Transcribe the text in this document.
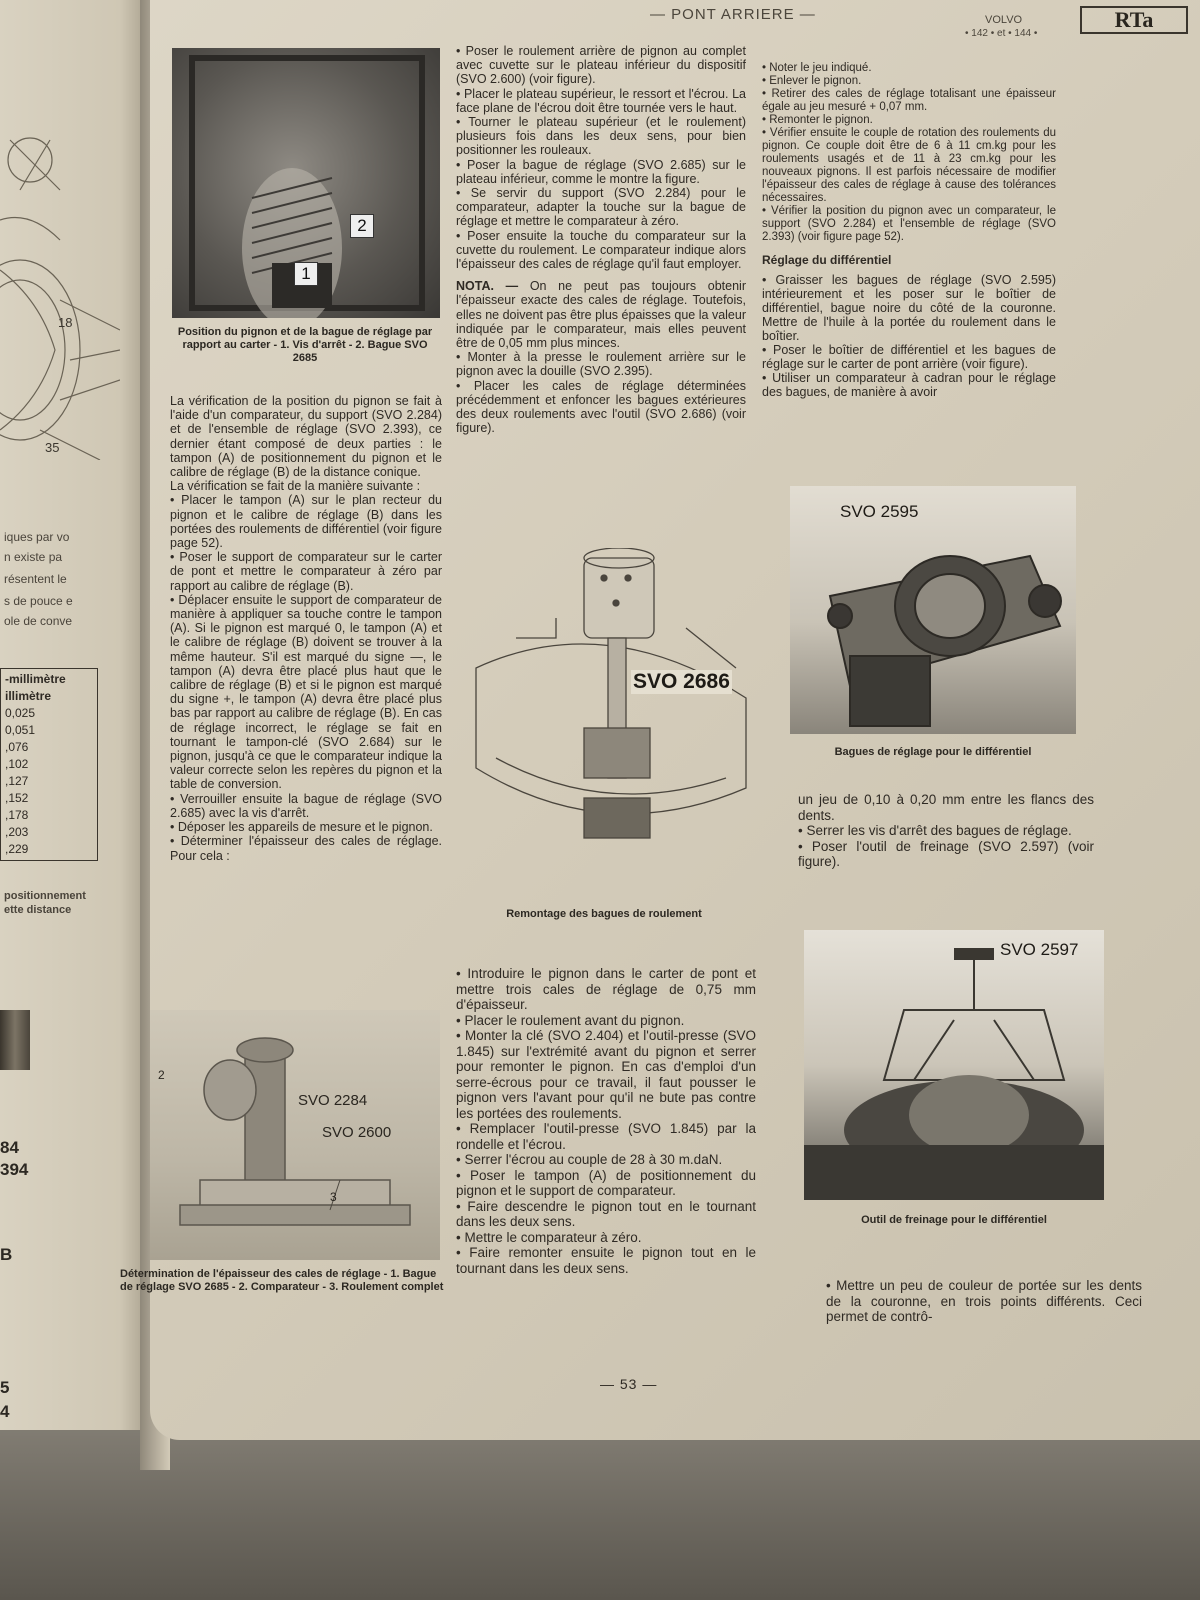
18
35
iques par vo
n existe pa
résentent le
s de pouce e
ole de conve
-millimètre
illimètre
0,025
0,051
,076
,102
,127
,152
,178
,203
,229
positionnement
ette distance
84
394
B
5
4
— PONT ARRIERE —	VOLVO
• 142 • et • 144 •
RTa
2
1
Position du pignon et de la bague de réglage par rapport au carter - 1. Vis d'arrêt - 2. Bague SVO 2685

La vérification de la position du pignon se fait à l'aide d'un comparateur, du support (SVO 2.284) et de l'ensemble de réglage (SVO 2.393), ce dernier étant composé de deux parties : le tampon (A) de positionnement du pignon et le calibre de réglage (B) de la distance conique.

La vérification se fait de la manière suivante :

• Placer le tampon (A) sur le plan recteur du pignon et le calibre de réglage (B) dans les portées des roulements de différentiel (voir figure page 52).

• Poser le support de comparateur sur le carter de pont et mettre le comparateur à zéro par rapport au calibre de réglage (B).

• Déplacer ensuite le support de comparateur de manière à appliquer sa touche contre le tampon (A). Si le pignon est marqué 0, le tampon (A) et le calibre de réglage (B) doivent se trouver à la même hauteur. S'il est marqué du signe —, le tampon (A) devra être placé plus haut que le calibre de réglage (B) et si le pignon est marqué du signe +, le tampon (A) devra être placé plus bas par rapport au calibre de réglage (B). En cas de réglage incorrect, le réglage se fait en tournant le tampon-clé (SVO 2.684) sur le pignon, jusqu'à ce que le comparateur indique la valeur correcte selon les repères du pignon et la table de conversion.

• Verrouiller ensuite la bague de réglage (SVO 2.685) avec la vis d'arrêt.

• Déposer les appareils de mesure et le pignon.

• Déterminer l'épaisseur des cales de réglage. Pour cela :

SVO 2284
SVO 2600
2
3
Détermination de l'épaisseur des cales de réglage - 1. Bague de réglage SVO 2685 - 2. Comparateur - 3. Roulement complet

• Poser le roulement arrière de pignon au complet avec cuvette sur le plateau inférieur du dispositif (SVO 2.600) (voir figure).

• Placer le plateau supérieur, le ressort et l'écrou. La face plane de l'écrou doit être tournée vers le haut.

• Tourner le plateau supérieur (et le roulement) plusieurs fois dans les deux sens, pour bien positionner les rouleaux.

• Poser la bague de réglage (SVO 2.685) sur le plateau inférieur, comme le montre la figure.

• Se servir du support (SVO 2.284) pour le comparateur, adapter la touche sur la bague de réglage et mettre le comparateur à zéro.

• Poser ensuite la touche du comparateur sur la cuvette du roulement. Le comparateur indique alors l'épaisseur des cales de réglage qu'il faut employer.

NOTA. — On ne peut pas toujours obtenir l'épaisseur exacte des cales de réglage. Toutefois, elles ne doivent pas être plus épaisses que la valeur indiquée par le comparateur, mais elles peuvent être de 0,05 mm plus minces.

• Monter à la presse le roulement arrière sur le pignon avec la douille (SVO 2.395).

• Placer les cales de réglage déterminées précédemment et enfoncer les bagues extérieures des deux roulements avec l'outil (SVO 2.686) (voir figure).

SVO 2686
Remontage des bagues de roulement

• Introduire le pignon dans le carter de pont et mettre trois cales de réglage de 0,75 mm d'épaisseur.

• Placer le roulement avant du pignon.

• Monter la clé (SVO 2.404) et l'outil-presse (SVO 1.845) sur l'extrémité avant du pignon et serrer pour remonter le pignon. En cas d'emploi d'un serre-écrous pour ce travail, il faut pousser le pignon vers l'avant pour qu'il ne bute pas contre les portées des roulements.

• Remplacer l'outil-presse (SVO 1.845) par la rondelle et l'écrou.

• Serrer l'écrou au couple de 28 à 30 m.daN.

• Poser le tampon (A) de positionnement du pignon et le support de comparateur.

• Faire descendre le pignon tout en le tournant dans les deux sens.

• Mettre le comparateur à zéro.

• Faire remonter ensuite le pignon tout en le tournant dans les deux sens.

• Noter le jeu indiqué.

• Enlever le pignon.

• Retirer des cales de réglage totalisant une épaisseur égale au jeu mesuré + 0,07 mm.

• Remonter le pignon.

• Vérifier ensuite le couple de rotation des roulements du pignon. Ce couple doit être de 6 à 11 cm.kg pour les roulements usagés et de 11 à 23 cm.kg pour les nouveaux pignons. Il est parfois nécessaire de modifier l'épaisseur des cales de réglage à cause des tolérances nécessaires.

• Vérifier la position du pignon avec un comparateur, le support (SVO 2.284) et l'ensemble de réglage (SVO 2.393) (voir figure page 52).

Réglage du différentiel

• Graisser les bagues de réglage (SVO 2.595) intérieurement et les poser sur le boîtier de différentiel, bague noire du côté de la couronne. Mettre de l'huile à la portée du roulement dans le boîtier.

• Poser le boîtier de différentiel et les bagues de réglage sur le carter de pont arrière (voir figure).

• Utiliser un comparateur à cadran pour le réglage des bagues, de manière à avoir

SVO 2595
Bagues de réglage pour le différentiel

un jeu de 0,10 à 0,20 mm entre les flancs des dents.

• Serrer les vis d'arrêt des bagues de réglage.

• Poser l'outil de freinage (SVO 2.597) (voir figure).

SVO 2597
Outil de freinage pour le différentiel

• Mettre un peu de couleur de portée sur les dents de la couronne, en trois points différents. Ceci permet de contrô-

— 53 —
